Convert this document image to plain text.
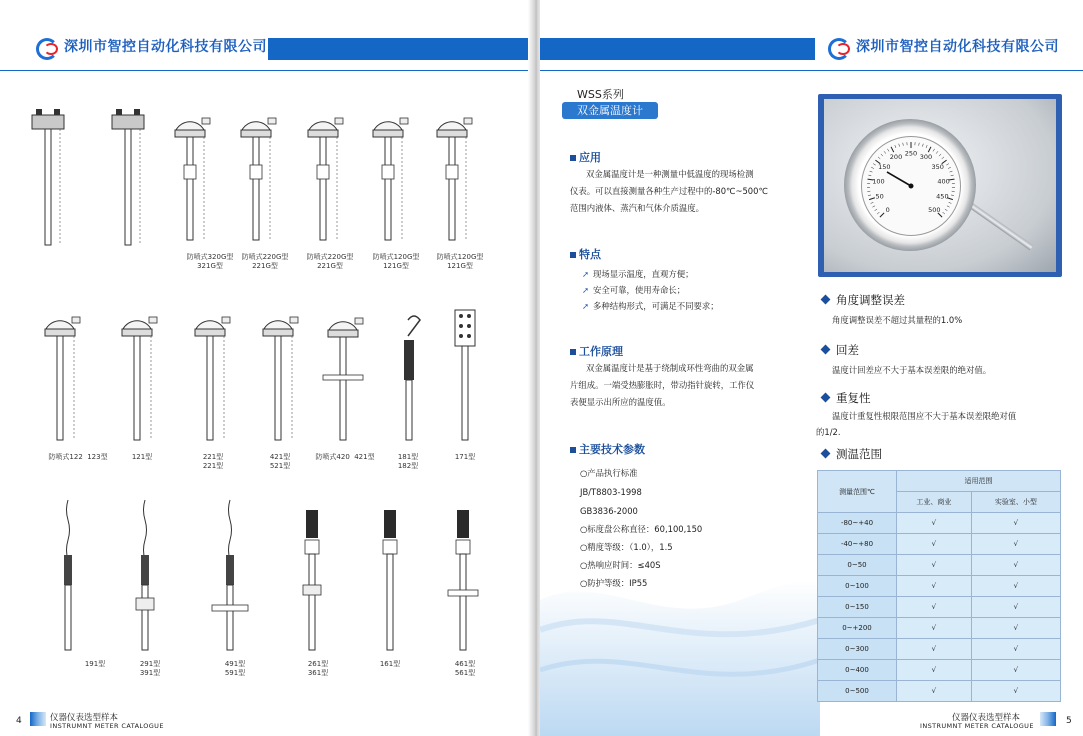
深圳市智控自动化科技有限公司
防喷式320G型
321G型
防喷式220G型
221G型
防喷式220G型
221G型
防喷式120G型
121G型
防喷式120G型
121G型
防喷式122  123型	121型	221型
221型
421型
521型
防喷式420  421型	181型
182型
171型
191型	291型
391型
491型
591型
261型
361型
161型	461型
561型
4	仪器仪表选型样本
INSTRUMNT METER CATALOGUE
深圳市智控自动化科技有限公司
WSS系列
双金属温度计
应用
双金属温度计是一种测量中低温度的现场检测
仪表。可以直接测量各种生产过程中的-80℃~500℃
范围内液体、蒸汽和气体介质温度。
特点
➚ 现场显示温度，直观方便；
➚ 安全可靠，使用寿命长；
➚ 多种结构形式，可满足不同要求；
工作原理
双金属温度计是基于绕制成环性弯曲的双金属
片组成。一端受热膨胀时，带动指针旋转，工作仪
表便显示出所应的温度值。
主要技术参数
○产品执行标准
JB/T8803-1998
GB3836-2000
○标度盘公称直径：60,100,150
○精度等级：（1.0），1.5
○热响应时间：≤40S
○防护等级：IP55
0
50
100
150
200 250 300
350
400
450
500
角度调整误差
角度调整误差不超过其量程的1.0%
回差
温度计回差应不大于基本误差限的绝对值。
重复性
温度计重复性根限范围应不大于基本误差限绝对值
的1/2.
测温范围
测量范围℃	适用范围	
	工业、商业	实验室、小型
-80~+40	√	√
-40~+80	√	√
0~50	√	√
0~100	√	√
0~150	√	√
0~+200	√	√
0~300	√	√
0~400	√	√
0~500	√	√
仪器仪表选型样本
INSTRUMNT METER CATALOGUE	5
